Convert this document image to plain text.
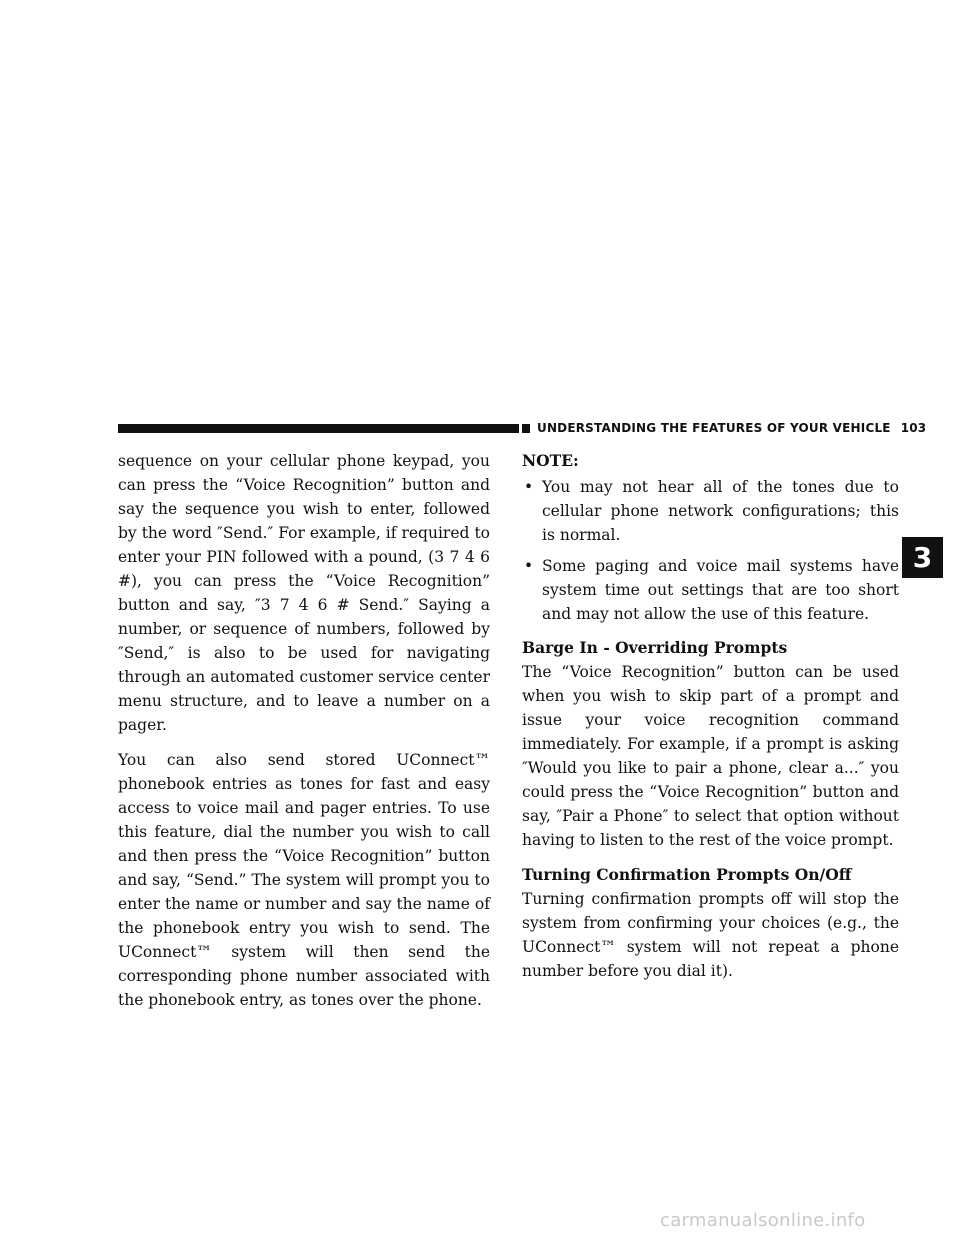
UNDERSTANDING THE FEATURES OF YOUR VEHICLE 103

sequence on your cellular phone keypad, you can press the “Voice Recognition” button and say the sequence you wish to enter, followed by the word ″Send.″ For example, if required to enter your PIN followed with a pound, (3 7 4 6 #), you can press the “Voice Recognition” button and say, ″3 7 4 6 # Send.″ Saying a number, or sequence of numbers, followed by ″Send,″ is also to be used for navigating through an automated customer service center menu structure, and to leave a number on a pager.

You can also send stored UConnect™ phonebook entries as tones for fast and easy access to voice mail and pager entries. To use this feature, dial the number you wish to call and then press the “Voice Recognition” button and say, “Send.” The system will prompt you to enter the name or number and say the name of the phonebook entry you wish to send. The UConnect™ system will then send the corresponding phone number associated with the phonebook entry, as tones over the phone.

NOTE:
• You may not hear all of the tones due to cellular phone network configurations; this is normal.
• Some paging and voice mail systems have system time out settings that are too short and may not allow the use of this feature.
Barge In - Overriding Prompts

The “Voice Recognition” button can be used when you wish to skip part of a prompt and issue your voice recognition command immediately. For example, if a prompt is asking ″Would you like to pair a phone, clear a...″ you could press the “Voice Recognition” button and say, ″Pair a Phone″ to select that option without having to listen to the rest of the voice prompt.

Turning Confirmation Prompts On/Off

Turning confirmation prompts off will stop the system from confirming your choices (e.g., the UConnect™ system will not repeat a phone number before you dial it).

3
carmanualsonline.info
